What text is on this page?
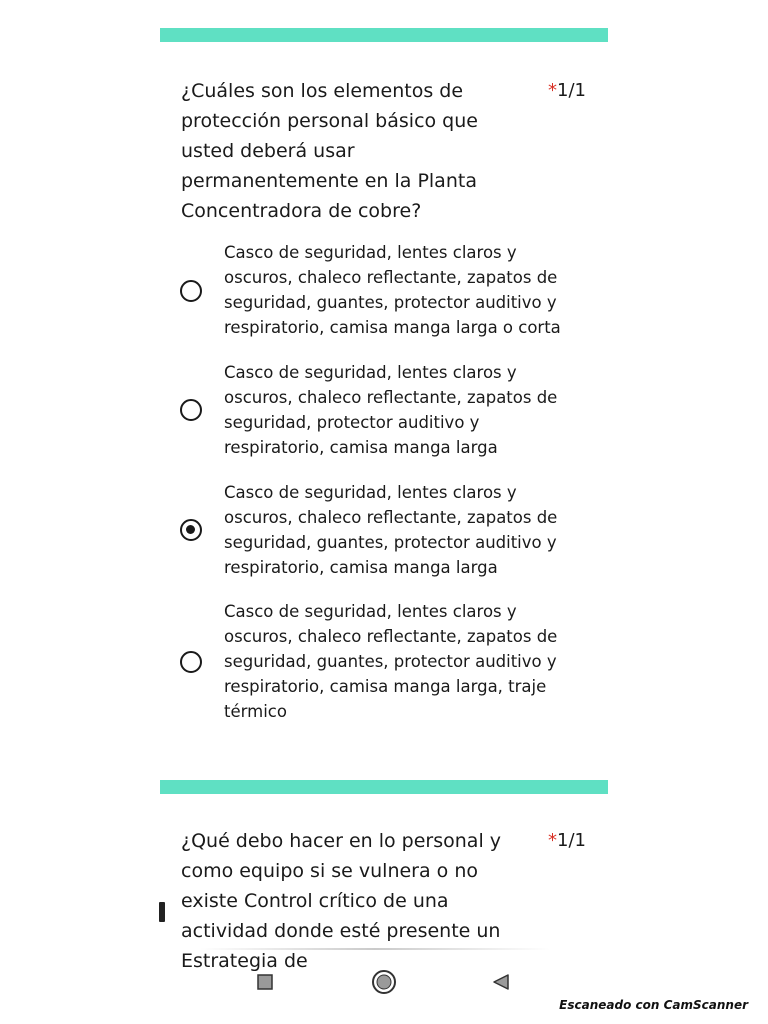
¿Cuáles son los elementos de protección personal básico que usted deberá usar permanentemente en la Planta Concentradora de cobre?
*1/1
Casco de seguridad, lentes claros y oscuros, chaleco reflectante, zapatos de seguridad, guantes, protector auditivo y respiratorio, camisa manga larga o corta
Casco de seguridad, lentes claros y oscuros, chaleco reflectante, zapatos de seguridad, protector auditivo y respiratorio, camisa manga larga
Casco de seguridad, lentes claros y oscuros, chaleco reflectante, zapatos de seguridad, guantes, protector auditivo y respiratorio, camisa manga larga
Casco de seguridad, lentes claros y oscuros, chaleco reflectante, zapatos de seguridad, guantes, protector auditivo y respiratorio, camisa manga larga, traje térmico
¿Qué debo hacer en lo personal y como equipo si se vulnera o no existe Control crítico de una actividad donde esté presente un Estrategia de
*1/1
Escaneado con CamScanner
